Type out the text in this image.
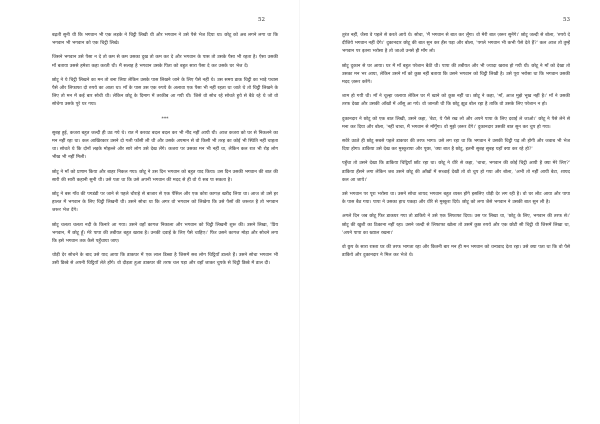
52

बढ़ती सुनी थी कि भगवान भी एक लड़के ने चिट्ठी लिखी थी और भगवान ने उसे पैसे भेज दिया था। छोटू को अब लगने लगा था कि भगवान भी भगवान को एक चिट्ठी लिखे।

जिसने भगवान उसे पैसा न दे तो कम से कम उसका दुख तो कम कर दे और भगवान के पास तो उसके पैसा भी रहता है। ऐसा उसकी माँ बताया उससे हमेशा कहा करती थी। मैं सलाह है भगवान उसके पिता को बहुत सारा पैसा दे कर उसके घर भेज दें।

छोटू ने ये चिट्ठी लिखने का मन तो बना लिया लेकिन उसके पास लिखने जाने के लिए पैसे नहीं थे। उस समय डाक चिट्ठी का भाड़े पचास पैसे और लिफाफा दो रुपये का आता था। माँ के पास उस एक रुपये के अलावा एक पैसा भी नहीं रहता था जाते थे तो चिट्ठी लिखने के लिए तो मन में कई बार सोची थी। लेकिन छोटू के दिमाग में तरकीब आ गयी थी। जिसे वो सोच रहे सोचते हुये से बैठे रहे थे जो वो सोचेगा उसके पूरे घर गया।

***

सुबह हुई, कजरा बहुत जल्दी ही उठ गये थे। रात में करवट बदल बदल कर भी नींद नहीं आयी थी। आज कजरा को घर से निकलने का मन नहीं रहा था। कल आखिरकार उसने दो गली फाँसी ली थी और उसके अपमान से वो किसी भी तरह का कोई भी स्थिति नहीं चाहता था। सोचते थे कि दोनों लड़के मोहल्ले और सारे लोग उसे देख लेंगे। कजरा पर उसका मन भी नहीं था, लेकिन कल रात भी रोड़ लोग भीख भी नहीं मिली।

छोटू ने माँ को प्रणाम किया और बाहर निकल गया। छोटू ने उस दिन भगवान को बहुत याद किया। उस दिन उसकी भगवान की बात की सारी की सारी कहानी सुनी थी। उसे पता था कि उसे अपनी भगवान की मदद से ही वो ये सब पा सकता है।

छोटू ने बस गाँव की पगडंडी पर जाने से पहले चौराहे से बाजार से एक पेंसिल और एक कोरा कागज़ खरीद लिया था। आज तो उसे हर हालत में भगवान के लिए चिट्ठी लिखनी थी। उसने सोचा था कि अगर वो भगवान को लिखेगा कि उसे पैसों की जरूरत है तो भगवान जरूर भेज देंगे।

छोटू चलता चलता नदी के किनारे आ गया। उसने वहाँ कागज निकाला और भगवान को चिट्ठी लिखनी शुरू की। उसने लिखा, 'प्रिय भगवान, मैं छोटू हूँ। मेरे पापा की तबीयत बहुत खराब है। उनकी दवाई के लिए पैसे चाहिए।' फिर उसने कागज मोड़ा और सोचने लगा कि इसे भगवान तक कैसे पहुँचाया जाए।

थोड़ी देर सोचने के बाद उसे याद आया कि डाकघर में एक लाल डिब्बा है जिसमें सब लोग चिट्ठियाँ डालते हैं। उसने सोचा भगवान भी उसी डिब्बे से अपनी चिट्ठियाँ लेते होंगे। वो दौड़ता हुआ डाकघर की तरफ चल पड़ा और वहाँ जाकर चुपके से चिट्ठी डिब्बे में डाल दी।

53

तुरंत नहीं, जैसा वे पहले से करते आये थे। सोचा, 'मैं भगवान से बात कर लूँगा। वो मेरी बात ज़रूर सुनेंगे।' छोटू जल्दी से बोला, 'रुपये दे दीजिये भगवान नहीं देंगे।' दुकानदार छोटू की बात सुन कर हँस पड़ा और बोला, 'पगले भगवान भी कभी पैसे देते हैं?' कल आज तो तुम्हें भगवान पर इतना भरोसा है तो जाओ उनसे ही माँग लो।

छोटू दुकान से घर आया। घर में माँ बहुत परेशान बैठी थी। पापा की तबीयत और भी ज्यादा खराब हो गयी थी। छोटू ने माँ को देखा तो उसका मन भर आया, लेकिन उसने माँ को कुछ नहीं बताया कि उसने भगवान को चिट्ठी लिखी है। उसे पूरा भरोसा था कि भगवान उसकी मदद ज़रूर करेंगे।

शाम हो गयी थी। माँ ने चूल्हा जलाया लेकिन घर में खाने को कुछ नहीं था। छोटू ने कहा, 'माँ, आज मुझे भूख नहीं है।' माँ ने उसकी तरफ देखा और उसकी आँखों में आँसू आ गये। वो जानती थी कि छोटू झूठ बोल रहा है ताकि वो उसके लिए परेशान न हो।

दुकानदार ने छोटू को एक बात लिखी, उसने कहा, 'बेटा, ये पैसे रख लो और अपने पापा के लिए दवाई ले जाओ।' छोटू ने पैसे लेने से मना कर दिया और बोला, 'नहीं चाचा, मैं भगवान से माँगूँगा। वो मुझे ज़रूर देंगे।' दुकानदार उसकी बात सुन कर चुप हो गया।

सवेरे उठते ही छोटू सबसे पहले डाकघर की तरफ भागा। उसे लग रहा था कि भगवान ने उसकी चिट्ठी पढ़ ली होगी और जवाब भी भेज दिया होगा। डाकिया उसे देख कर मुस्कुराया और पूछा, 'क्या बात है छोटू, इतनी सुबह सुबह यहाँ क्या कर रहे हो?'

पहुँचा तो उसने देखा कि डाकिया चिट्ठियाँ छाँट रहा था। छोटू ने धीरे से कहा, 'चाचा, भगवान की कोई चिट्ठी आयी है क्या मेरे लिए?' डाकिया हँसने लगा लेकिन जब उसने छोटू की आँखों में सच्चाई देखी तो वो चुप हो गया और बोला, 'अभी तो नहीं आयी बेटा, शायद कल आ जाये।'

उसे भगवान पर पूरा भरोसा था। उसने सोचा शायद भगवान बहुत व्यस्त होंगे इसलिए थोड़ी देर लग रही है। वो घर लौट आया और पापा के पास बैठ गया। पापा ने उसका हाथ पकड़ा और धीरे से मुस्कुरा दिये। छोटू को लगा जैसे भगवान ने उसकी बात सुन ली है।

अगले दिन जब छोटू फिर डाकघर गया तो डाकिये ने उसे एक लिफाफा दिया। उस पर लिखा था, 'छोटू के लिए, भगवान की तरफ से।' छोटू की खुशी का ठिकाना नहीं रहा। उसने जल्दी से लिफाफा खोला तो उसमें कुछ रुपये और एक छोटी सी चिट्ठी थी जिसमें लिखा था, 'अपने पापा का ख्याल रखना।'

वो छुप के सारा रास्ता घर की तरफ भागता रहा और कितनी बार मन ही मन भगवान को धन्यवाद देता रहा। उसे क्या पता था कि वो पैसे डाकिये और दुकानदार ने मिल कर भेजे थे।
